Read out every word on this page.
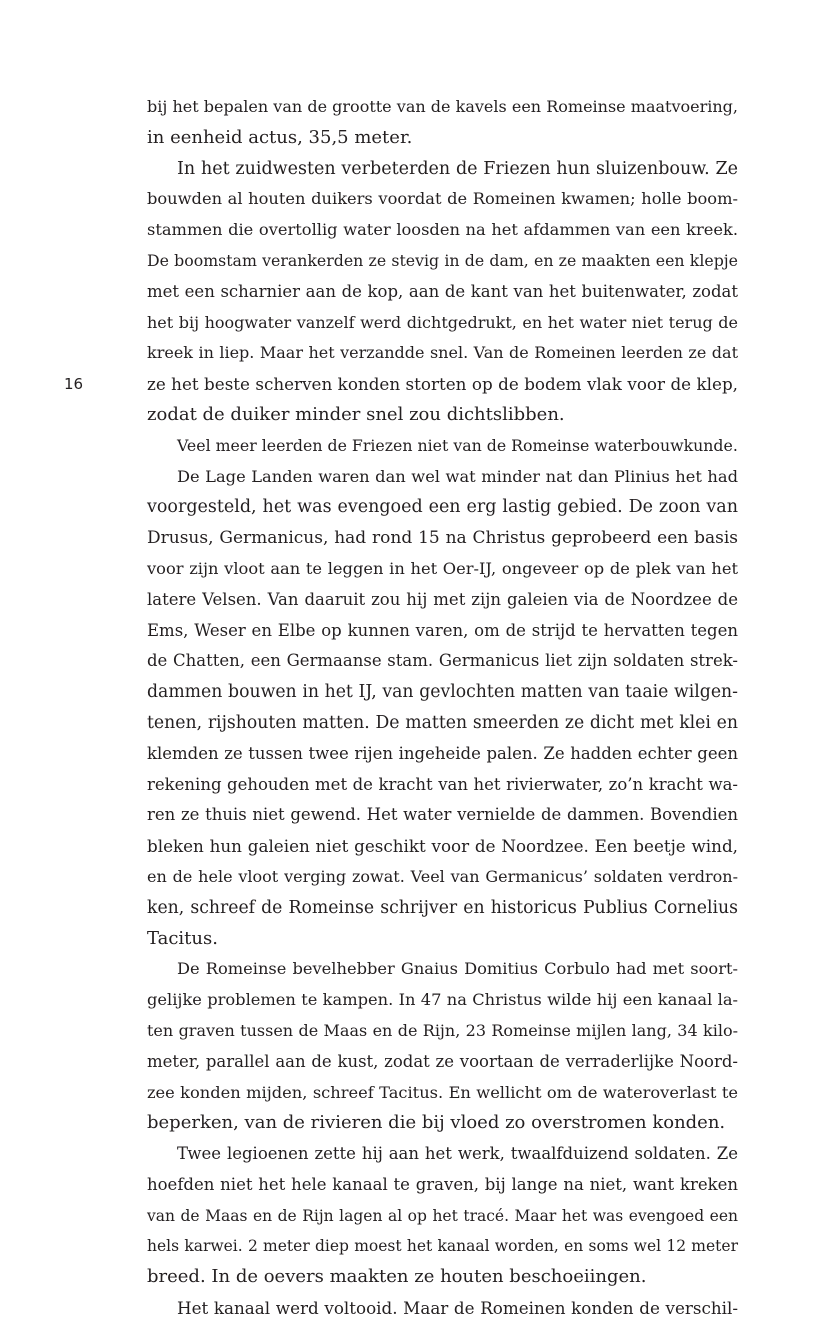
16
bij het bepalen van de grootte van de kavels een Romeinse maatvoering,
in eenheid actus, 35,5 meter.
In het zuidwesten verbeterden de Friezen hun sluizenbouw. Ze
bouwden al houten duikers voordat de Romeinen kwamen; holle boom-
stammen die overtollig water loosden na het afdammen van een kreek.
De boomstam verankerden ze stevig in de dam, en ze maakten een klepje
met een scharnier aan de kop, aan de kant van het buitenwater, zodat
het bij hoogwater vanzelf werd dichtgedrukt, en het water niet terug de
kreek in liep. Maar het verzandde snel. Van de Romeinen leerden ze dat
ze het beste scherven konden storten op de bodem vlak voor de klep,
zodat de duiker minder snel zou dichtslibben.
Veel meer leerden de Friezen niet van de Romeinse waterbouwkunde.
De Lage Landen waren dan wel wat minder nat dan Plinius het had
voorgesteld, het was evengoed een erg lastig gebied. De zoon van
Drusus, Germanicus, had rond 15 na Christus geprobeerd een basis
voor zijn vloot aan te leggen in het Oer-IJ, ongeveer op de plek van het
latere Velsen. Van daaruit zou hij met zijn galeien via de Noordzee de
Ems, Weser en Elbe op kunnen varen, om de strijd te hervatten tegen
de Chatten, een Germaanse stam. Germanicus liet zijn soldaten strek-
dammen bouwen in het IJ, van gevlochten matten van taaie wilgen-
tenen, rijshouten matten. De matten smeerden ze dicht met klei en
klemden ze tussen twee rijen ingeheide palen. Ze hadden echter geen
rekening gehouden met de kracht van het rivierwater, zo’n kracht wa-
ren ze thuis niet gewend. Het water vernielde de dammen. Bovendien
bleken hun galeien niet geschikt voor de Noordzee. Een beetje wind,
en de hele vloot verging zowat. Veel van Germanicus’ soldaten verdron-
ken, schreef de Romeinse schrijver en historicus Publius Cornelius
Tacitus.
De Romeinse bevelhebber Gnaius Domitius Corbulo had met soort-
gelijke problemen te kampen. In 47 na Christus wilde hij een kanaal la-
ten graven tussen de Maas en de Rijn, 23 Romeinse mijlen lang, 34 kilo-
meter, parallel aan de kust, zodat ze voortaan de verraderlijke Noord-
zee konden mijden, schreef Tacitus. En wellicht om de wateroverlast te
beperken, van de rivieren die bij vloed zo overstromen konden.
Twee legioenen zette hij aan het werk, twaalfduizend soldaten. Ze
hoefden niet het hele kanaal te graven, bij lange na niet, want kreken
van de Maas en de Rijn lagen al op het tracé. Maar het was evengoed een
hels karwei. 2 meter diep moest het kanaal worden, en soms wel 12 meter
breed. In de oevers maakten ze houten beschoeiingen.
Het kanaal werd voltooid. Maar de Romeinen konden de verschil-
